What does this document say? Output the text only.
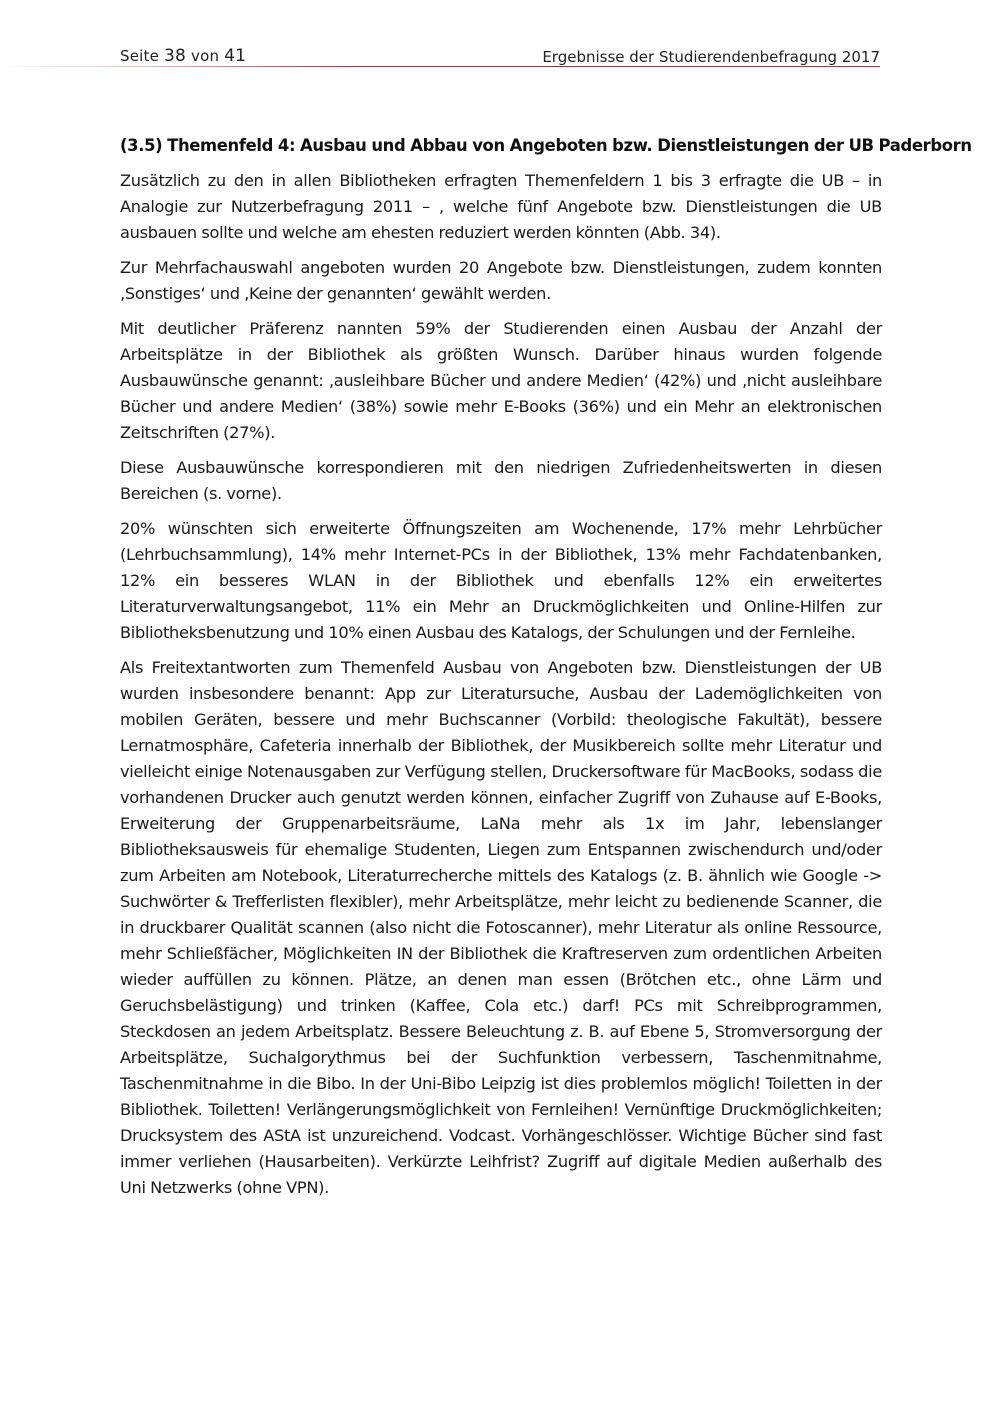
Seite 38 von 41	Ergebnisse der Studierendenbefragung 2017
(3.5) Themenfeld 4: Ausbau und Abbau von Angeboten bzw. Dienstleistungen der UB Paderborn

Zusätzlich zu den in allen Bibliotheken erfragten Themenfeldern 1 bis 3 erfragte die UB – in Analogie zur Nutzerbefragung 2011 – , welche fünf Angebote bzw. Dienstleistungen die UB ausbauen sollte und welche am ehesten reduziert werden könnten (Abb. 34).

Zur Mehrfachauswahl angeboten wurden 20 Angebote bzw. Dienstleistungen, zudem konnten ‚Sonstiges‘ und ‚Keine der genannten‘ gewählt werden.

Mit deutlicher Präferenz nannten 59% der Studierenden einen Ausbau der Anzahl der Arbeitsplätze in der Bibliothek als größten Wunsch. Darüber hinaus wurden folgende Ausbauwünsche genannt: ‚ausleihbare Bücher und andere Medien‘ (42%) und ‚nicht ausleihbare Bücher und andere Medien‘ (38%) sowie mehr E-Books (36%) und ein Mehr an elektronischen Zeitschriften (27%).

Diese Ausbauwünsche korrespondieren mit den niedrigen Zufriedenheitswerten in diesen Bereichen (s. vorne).

20% wünschten sich erweiterte Öffnungszeiten am Wochenende, 17% mehr Lehrbücher (Lehrbuchsammlung), 14% mehr Internet-PCs in der Bibliothek, 13% mehr Fachdatenbanken, 12% ein besseres WLAN in der Bibliothek und ebenfalls 12% ein erweitertes Literaturverwaltungsangebot, 11% ein Mehr an Druckmöglichkeiten und Online-Hilfen zur Bibliotheksbenutzung und 10% einen Ausbau des Katalogs, der Schulungen und der Fernleihe.

Als Freitextantworten zum Themenfeld Ausbau von Angeboten bzw. Dienstleistungen der UB wurden insbesondere benannt: App zur Literatursuche, Ausbau der Lademöglichkeiten von mobilen Geräten, bessere und mehr Buchscanner (Vorbild: theologische Fakultät), bessere Lernatmosphäre, Cafeteria innerhalb der Bibliothek, der Musikbereich sollte mehr Literatur und vielleicht einige Notenausgaben zur Verfügung stellen, Druckersoftware für MacBooks, sodass die vorhandenen Drucker auch genutzt werden können, einfacher Zugriff von Zuhause auf E-Books, Erweiterung der Gruppenarbeitsräume, LaNa mehr als 1x im Jahr, lebenslanger Bibliotheksausweis für ehemalige Studenten, Liegen zum Entspannen zwischendurch und/oder zum Arbeiten am Notebook, Literaturrecherche mittels des Katalogs (z. B. ähnlich wie Google -> Suchwörter & Trefferlisten flexibler), mehr Arbeitsplätze, mehr leicht zu bedienende Scanner, die in druckbarer Qualität scannen (also nicht die Fotoscanner), mehr Literatur als online Ressource, mehr Schließfächer, Möglichkeiten IN der Bibliothek die Kraftreserven zum ordentlichen Arbeiten wieder auffüllen zu können. Plätze, an denen man essen (Brötchen etc., ohne Lärm und Geruchsbelästigung) und trinken (Kaffee, Cola etc.) darf! PCs mit Schreibprogrammen, Steckdosen an jedem Arbeitsplatz. Bessere Beleuchtung z. B. auf Ebene 5, Stromversorgung der Arbeitsplätze, Suchalgorythmus bei der Suchfunktion verbessern, Taschenmitnahme, Taschenmitnahme in die Bibo. In der Uni-Bibo Leipzig ist dies problemlos möglich! Toiletten in der Bibliothek. Toiletten! Verlängerungsmöglichkeit von Fernleihen! Vernünftige Druckmöglichkeiten; Drucksystem des AStA ist unzureichend. Vodcast. Vorhängeschlösser. Wichtige Bücher sind fast immer verliehen (Hausarbeiten). Verkürzte Leihfrist? Zugriff auf digitale Medien außerhalb des Uni Netzwerks (ohne VPN).
